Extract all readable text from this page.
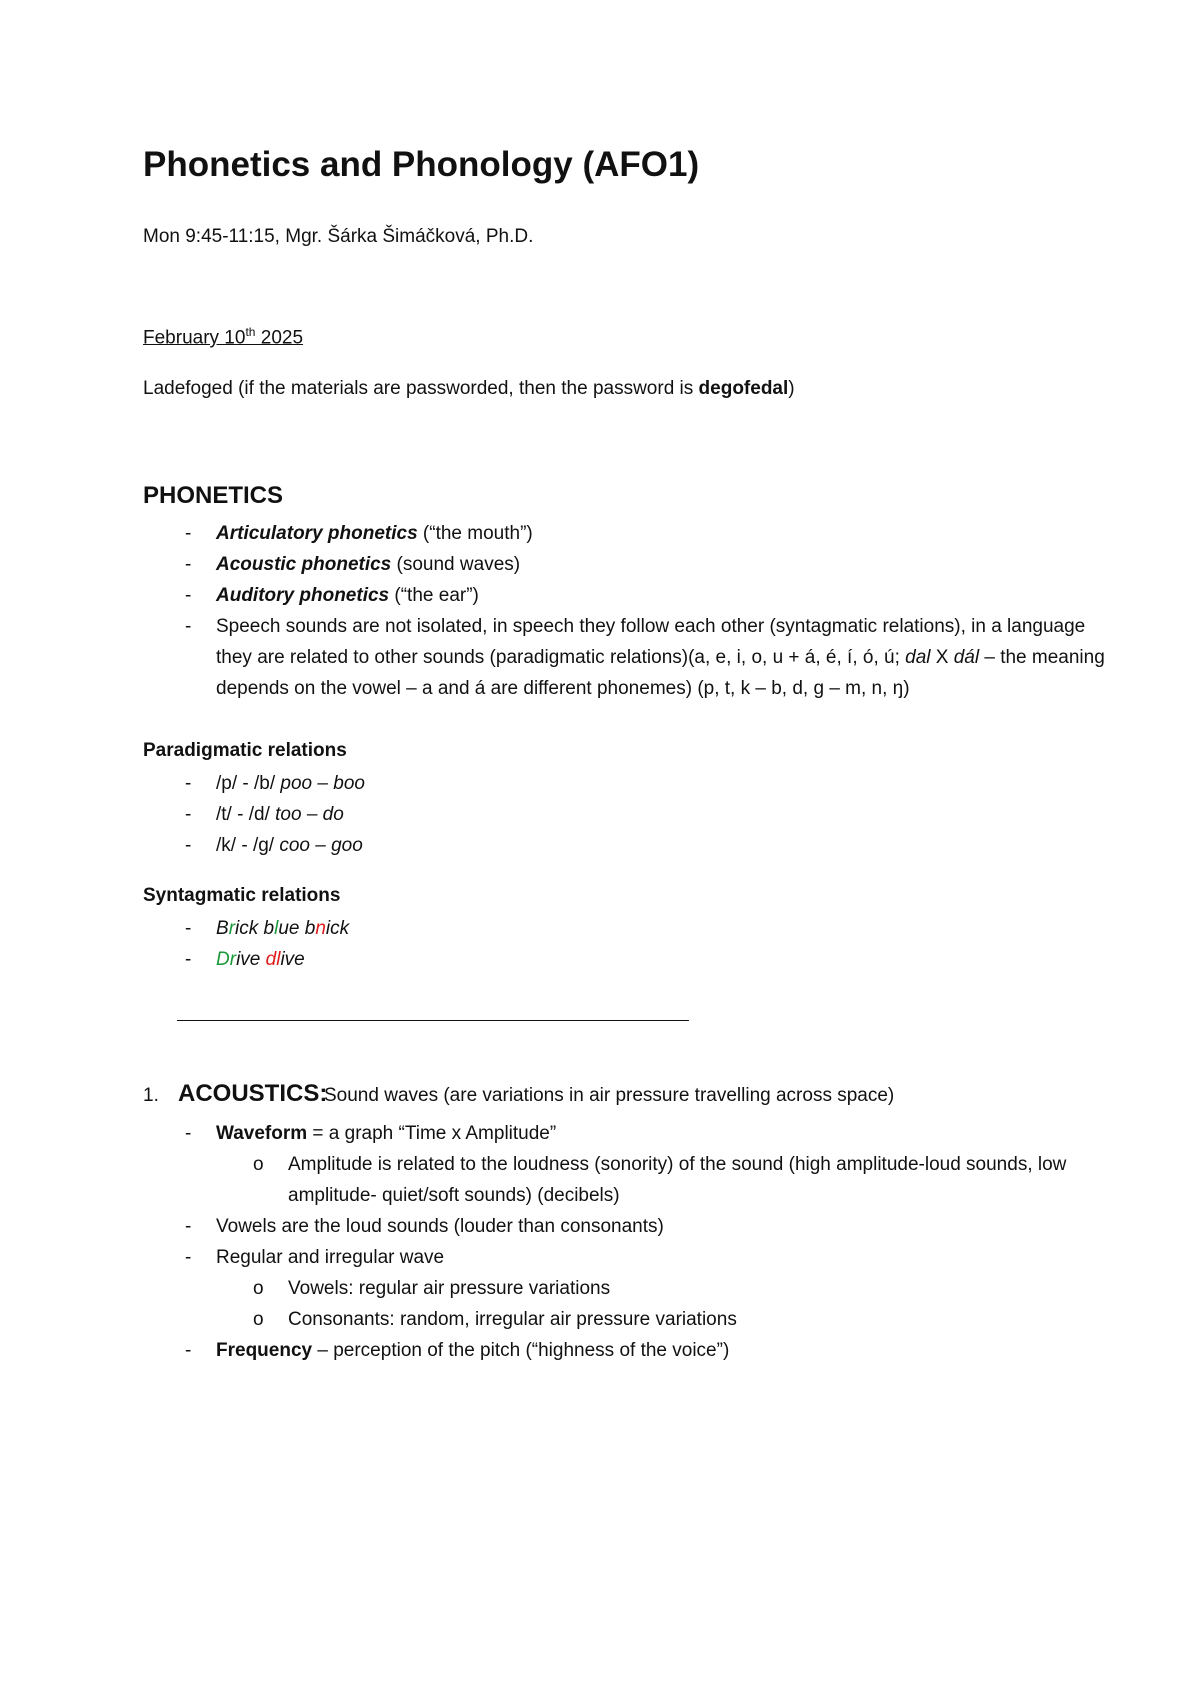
Phonetics and Phonology (AFO1)
Mon 9:45-11:15, Mgr. Šárka Šimáčková, Ph.D.
February 10th 2025
Ladefoged (if the materials are passworded, then the password is degofedal)
PHONETICS
- Articulatory phonetics (“the mouth”)
- Acoustic phonetics (sound waves)
- Auditory phonetics (“the ear”)
- Speech sounds are not isolated, in speech they follow each other (syntagmatic relations), in a language they are related to other sounds (paradigmatic relations)(a, e, i, o, u + á, é, í, ó, ú; dal X dál – the meaning depends on the vowel – a and á are different phonemes) (p, t, k – b, d, g – m, n, ŋ)
Paradigmatic relations
- /p/ - /b/ poo – boo
- /t/ - /d/ too – do
- /k/ - /g/ coo – goo
Syntagmatic relations
- Brick blue bnick
- Drive dlive
1. ACOUSTICS:
Sound waves (are variations in air pressure travelling across space)
- Waveform = a graph “Time x Amplitude”
o Amplitude is related to the loudness (sonority) of the sound (high amplitude-loud sounds, low amplitude- quiet/soft sounds) (decibels)
- Vowels are the loud sounds (louder than consonants)
- Regular and irregular wave
o Vowels: regular air pressure variations
o Consonants: random, irregular air pressure variations
- Frequency – perception of the pitch (“highness of the voice”)
